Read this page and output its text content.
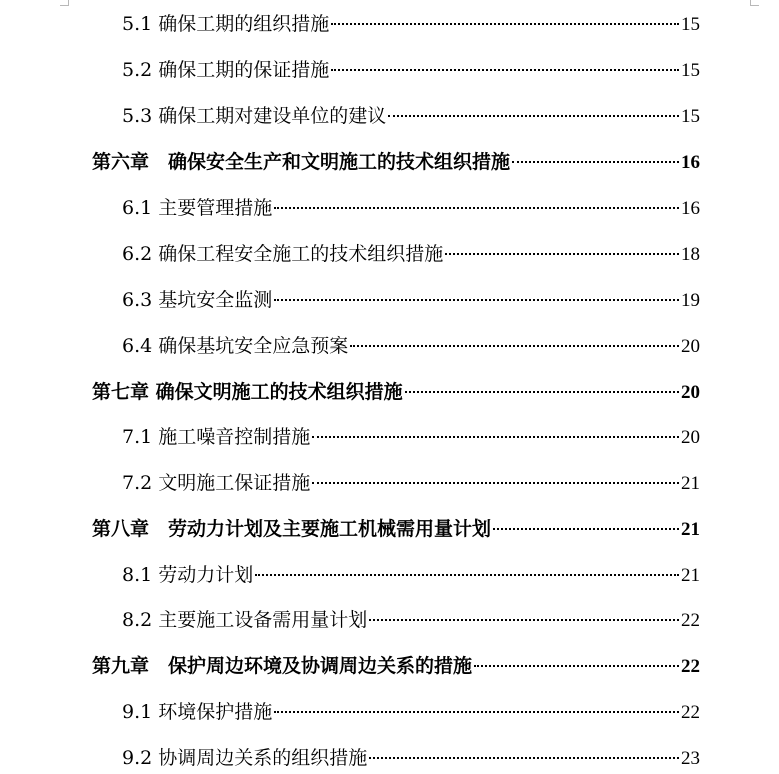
5.1 确保工期的组织措施	15
5.2 确保工期的保证措施	15
5.3 确保工期对建设单位的建议	15
第六章　确保安全生产和文明施工的技术组织措施	16
6.1 主要管理措施	16
6.2 确保工程安全施工的技术组织措施	18
6.3 基坑安全监测	19
6.4 确保基坑安全应急预案	20
第七章 确保文明施工的技术组织措施	20
7.1 施工噪音控制措施	20
7.2 文明施工保证措施	21
第八章　劳动力计划及主要施工机械需用量计划	21
8.1 劳动力计划	21
8.2 主要施工设备需用量计划	22
第九章　保护周边环境及协调周边关系的措施	22
9.1 环境保护措施	22
9.2 协调周边关系的组织措施	23
